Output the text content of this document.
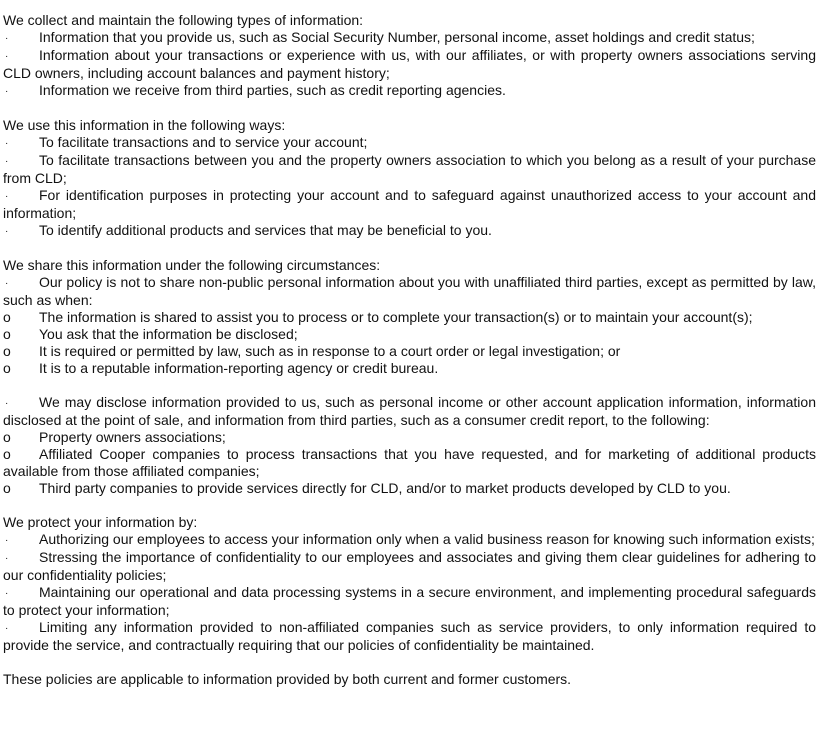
We collect and maintain the following types of information:

· Information that you provide us, such as Social Security Number, personal income, asset holdings and credit status;

· Information about your transactions or experience with us, with our affiliates, or with property owners associations serving CLD owners, including account balances and payment history;

· Information we receive from third parties, such as credit reporting agencies.

We use this information in the following ways:

· To facilitate transactions and to service your account;

· To facilitate transactions between you and the property owners association to which you belong as a result of your purchase from CLD;

· For identification purposes in protecting your account and to safeguard against unauthorized access to your account and information;

· To identify additional products and services that may be beneficial to you.

We share this information under the following circumstances:

· Our policy is not to share non-public personal information about you with unaffiliated third parties, except as permitted by law, such as when:

o The information is shared to assist you to process or to complete your transaction(s) or to maintain your account(s);

o You ask that the information be disclosed;

o It is required or permitted by law, such as in response to a court order or legal investigation; or

o It is to a reputable information-reporting agency or credit bureau.

· We may disclose information provided to us, such as personal income or other account application information, information disclosed at the point of sale, and information from third parties, such as a consumer credit report, to the following:

o Property owners associations;

o Affiliated Cooper companies to process transactions that you have requested, and for marketing of additional products available from those affiliated companies;

o Third party companies to provide services directly for CLD, and/or to market products developed by CLD to you.

We protect your information by:

· Authorizing our employees to access your information only when a valid business reason for knowing such information exists;

· Stressing the importance of confidentiality to our employees and associates and giving them clear guidelines for adhering to our confidentiality policies;

· Maintaining our operational and data processing systems in a secure environment, and implementing procedural safeguards to protect your information;

· Limiting any information provided to non-affiliated companies such as service providers, to only information required to provide the service, and contractually requiring that our policies of confidentiality be maintained.

These policies are applicable to information provided by both current and former customers.
